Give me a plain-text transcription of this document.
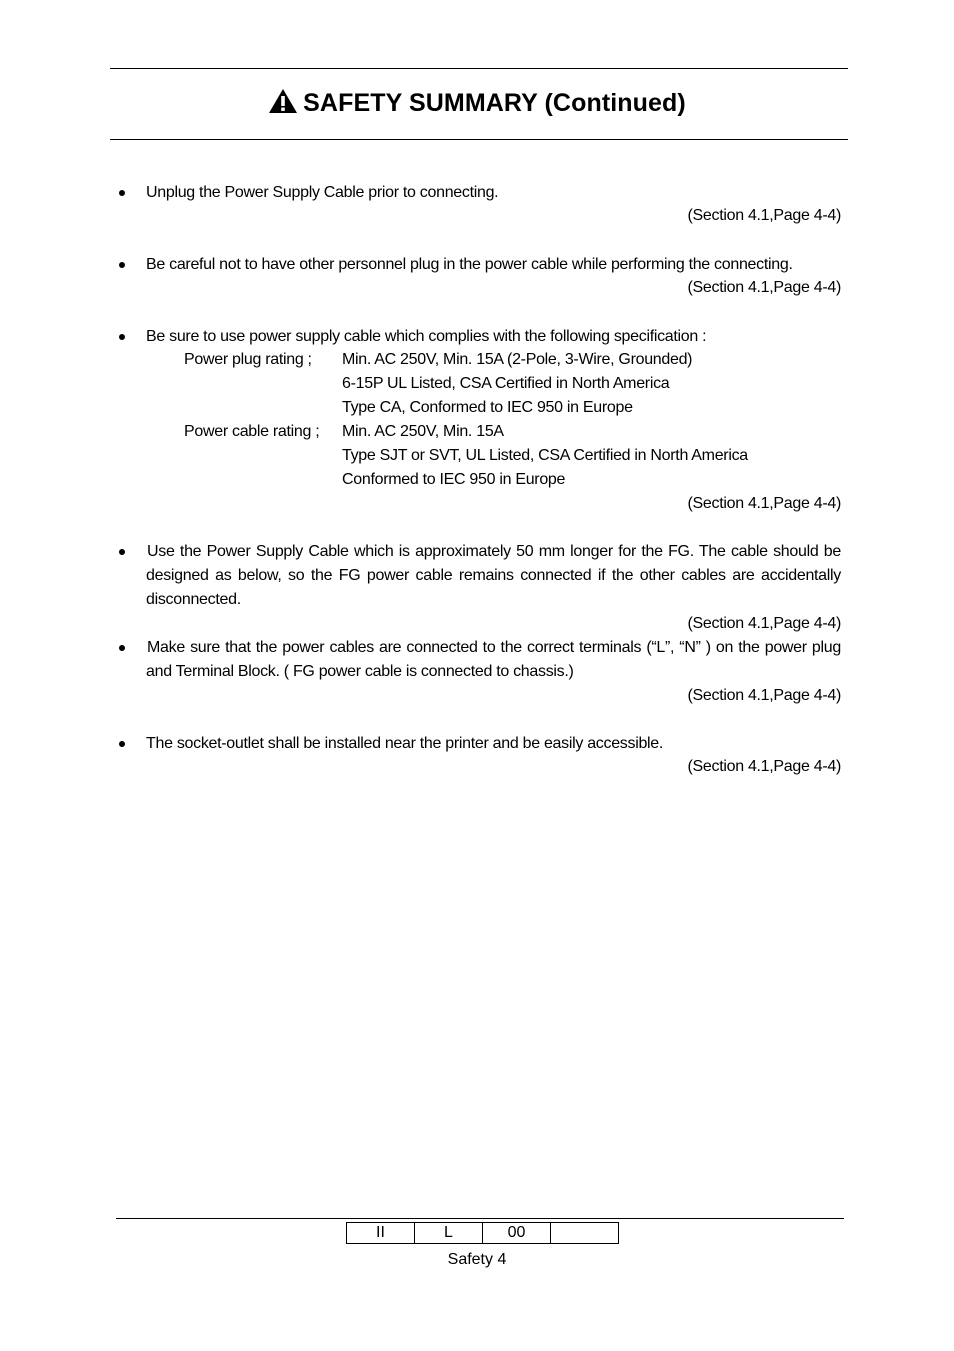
SAFETY SUMMARY (Continued)
Unplug the Power Supply Cable prior to connecting.
(Section 4.1,Page 4-4)
Be careful not to have other personnel plug in the power cable while performing the connecting.
(Section 4.1,Page 4-4)
Be sure to use power supply cable which complies with the following specification :
Power plug rating ; Min. AC 250V, Min. 15A (2-Pole, 3-Wire, Grounded)
6-15P UL Listed, CSA Certified in North America
Type CA, Conformed to IEC 950 in Europe
Power cable rating ; Min. AC 250V, Min. 15A
Type SJT or SVT, UL Listed, CSA Certified in North America
Conformed to IEC 950 in Europe
(Section 4.1,Page 4-4)
Use the Power Supply Cable which is approximately 50 mm longer for the FG. The cable should be
designed as below, so the FG power cable remains connected if the other cables are accidentally
disconnected.
(Section 4.1,Page 4-4)
Make sure that the power cables are connected to the correct terminals (“L”, “N” ) on the power plug
and Terminal Block. ( FG power cable is connected to chassis.)
(Section 4.1,Page 4-4)
The socket-outlet shall be installed near the printer and be easily accessible.
(Section 4.1,Page 4-4)
II	L	00	
Safety 4
